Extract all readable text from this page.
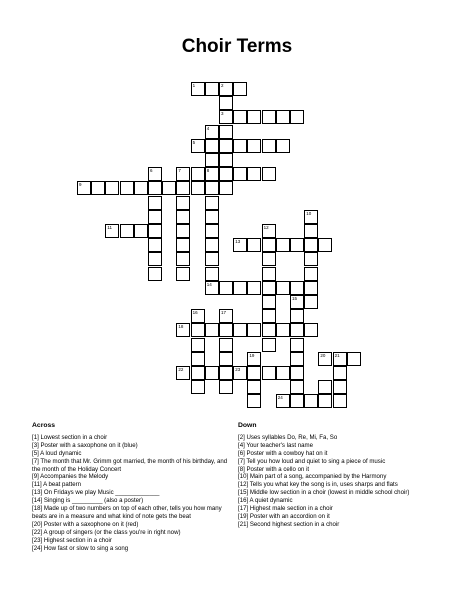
Choir Terms
1	2
3
4
5
6	7	8
9
10
11	12
13
14
15
16	17
18
19	20 21
22	23
24
Across
[1] Lowest section in a choir
[3] Poster with a saxophone on it (blue)
[5] A loud dynamic
[7] The month that Mr. Grimm got married, the month of his birthday, and the month of the Holiday Concert
[9] Accompanies the Melody
[11] A beat pattern
[13] On Fridays we play Music _____________
[14] Singing is _________ (also a poster)
[18] Made up of two numbers on top of each other, tells you how many beats are in a measure and what kind of note gets the beat
[20] Poster with a saxophone on it (red)
[22] A group of singers (or the class you're in right now)
[23] Highest section in a choir
[24] How fast or slow to sing a song
Down
[2] Uses syllables Do, Re, Mi, Fa, So
[4] Your teacher's last name
[6] Poster with a cowboy hat on it
[7] Tell you how loud and quiet to sing a piece of music
[8] Poster with a cello on it
[10] Main part of a song, accompanied by the Harmony
[12] Tells you what key the song is in, uses sharps and flats
[15] Middle low section in a choir (lowest in middle school choir)
[16] A quiet dynamic
[17] Highest male section in a choir
[19] Poster with an accordion on it
[21] Second highest section in a choir
